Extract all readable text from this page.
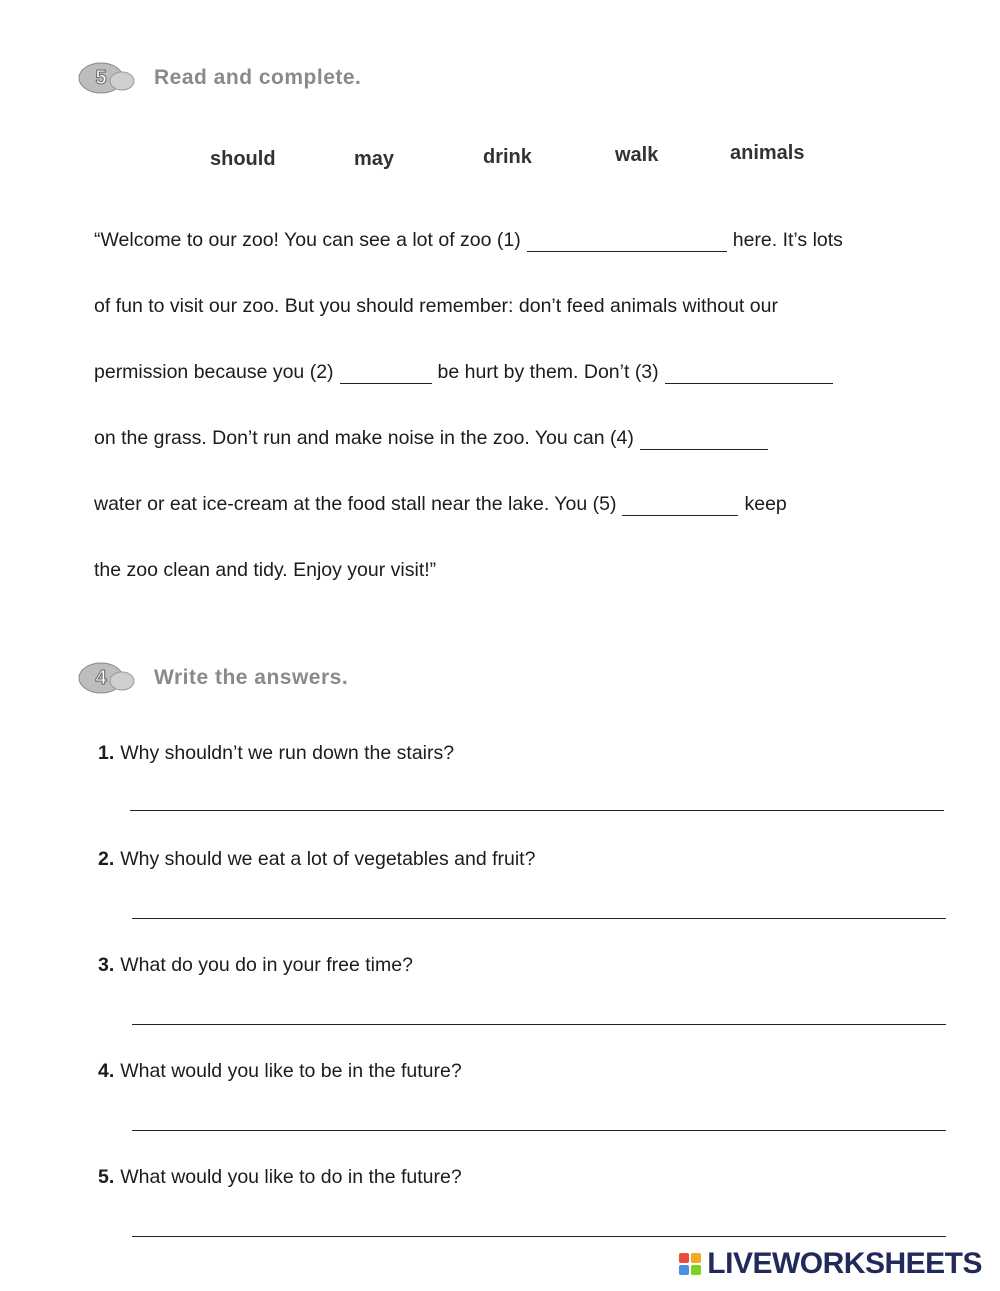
5	Read and complete.
should	may	drink	walk	animals
“Welcome to our zoo! You can see a lot of zoo (1)	here. It’s lots
of fun to visit our zoo. But you should remember: don’t feed animals without our
permission because you (2)	be hurt by them. Don’t (3)
on the grass. Don’t run and make noise in the zoo. You can (4)
water or eat ice-cream at the food stall near the lake. You (5)	keep
the zoo clean and tidy. Enjoy your visit!”
4	Write the answers.
1. Why shouldn’t we run down the stairs?
2. Why should we eat a lot of vegetables and fruit?
3. What do you do in your free time?
4. What would you like to be in the future?
5. What would you like to do in the future?
LIVEWORKSHEETS
